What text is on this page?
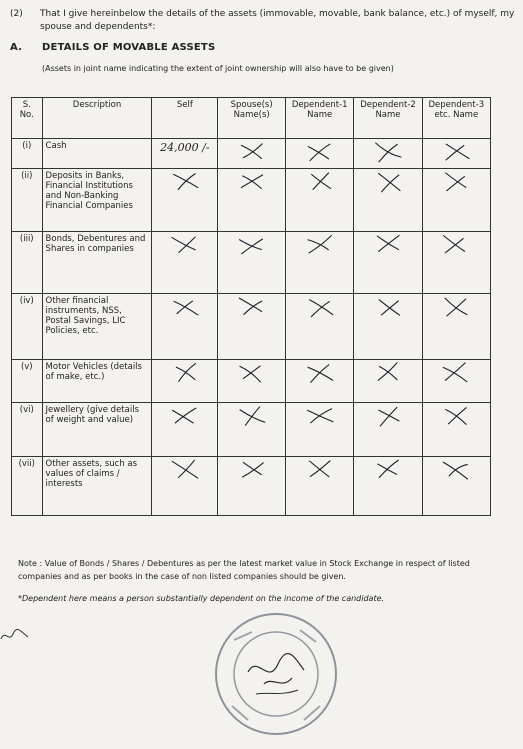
(2) That I give hereinbelow the details of the assets (immovable, movable, bank balance, etc.) of myself, my spouse and dependents*:
A. DETAILS OF MOVABLE ASSETS
(Assets in joint name indicating the extent of joint ownership will also have to be given)
S. No.	Description	Self	Spouse(s) Name(s)	Dependent-1 Name	Dependent-2 Name	Dependent-3 etc. Name
(i)	Cash	24,000 /-				
(ii)	Deposits in Banks, Financial Institutions and Non-Banking Financial Companies					
(iii)	Bonds, Debentures and Shares in companies					
(iv)	Other financial instruments, NSS, Postal Savings, LIC Policies, etc.					
(v)	Motor Vehicles (details of make, etc.)					
(vi)	Jewellery (give details of weight and value)					
(vii)	Other assets, such as values of claims / interests					
Note : Value of Bonds / Shares / Debentures as per the latest market value in Stock Exchange in respect of listed companies and as per books in the case of non listed companies should be given.
*Dependent here means a person substantially dependent on the income of the candidate.
